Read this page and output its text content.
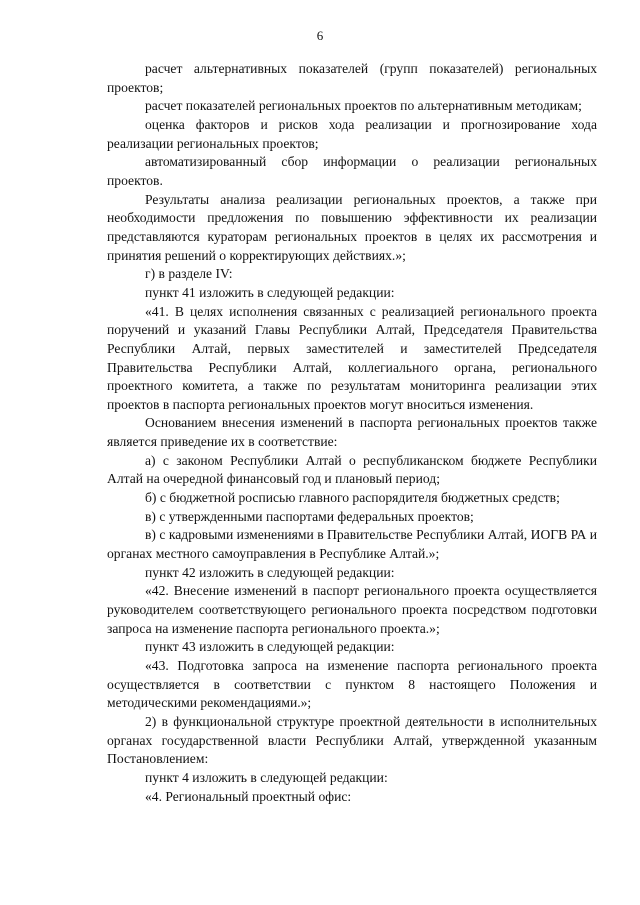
6

расчет альтернативных показателей (групп показателей) региональных проектов;

расчет показателей региональных проектов по альтернативным методикам;

оценка факторов и рисков хода реализации и прогнозирование хода реализации региональных проектов;

автоматизированный сбор информации о реализации региональных проектов.

Результаты анализа реализации региональных проектов, а также при необходимости предложения по повышению эффективности их реализации представляются кураторам региональных проектов в целях их рассмотрения и принятия решений о корректирующих действиях.»;

г) в разделе IV:

пункт 41 изложить в следующей редакции:

«41. В целях исполнения связанных с реализацией регионального проекта поручений и указаний Главы Республики Алтай, Председателя Правительства Республики Алтай, первых заместителей и заместителей Председателя Правительства Республики Алтай, коллегиального органа, регионального проектного комитета, а также по результатам мониторинга реализации этих проектов в паспорта региональных проектов могут вноситься изменения.

Основанием внесения изменений в паспорта региональных проектов также является приведение их в соответствие:

а) с законом Республики Алтай о республиканском бюджете Республики Алтай на очередной финансовый год и плановый период;

б) с бюджетной росписью главного распорядителя бюджетных средств;

в) с утвержденными паспортами федеральных проектов;

в) с кадровыми изменениями в Правительстве Республики Алтай, ИОГВ РА и органах местного самоуправления в Республике Алтай.»;

пункт 42 изложить в следующей редакции:

«42. Внесение изменений в паспорт регионального проекта осуществляется руководителем соответствующего регионального проекта посредством подготовки запроса на изменение паспорта регионального проекта.»;

пункт 43 изложить в следующей редакции:

«43. Подготовка запроса на изменение паспорта регионального проекта осуществляется в соответствии с пунктом 8 настоящего Положения и методическими рекомендациями.»;

2) в функциональной структуре проектной деятельности в исполнительных органах государственной власти Республики Алтай, утвержденной указанным Постановлением:

пункт 4 изложить в следующей редакции:

«4. Региональный проектный офис:
